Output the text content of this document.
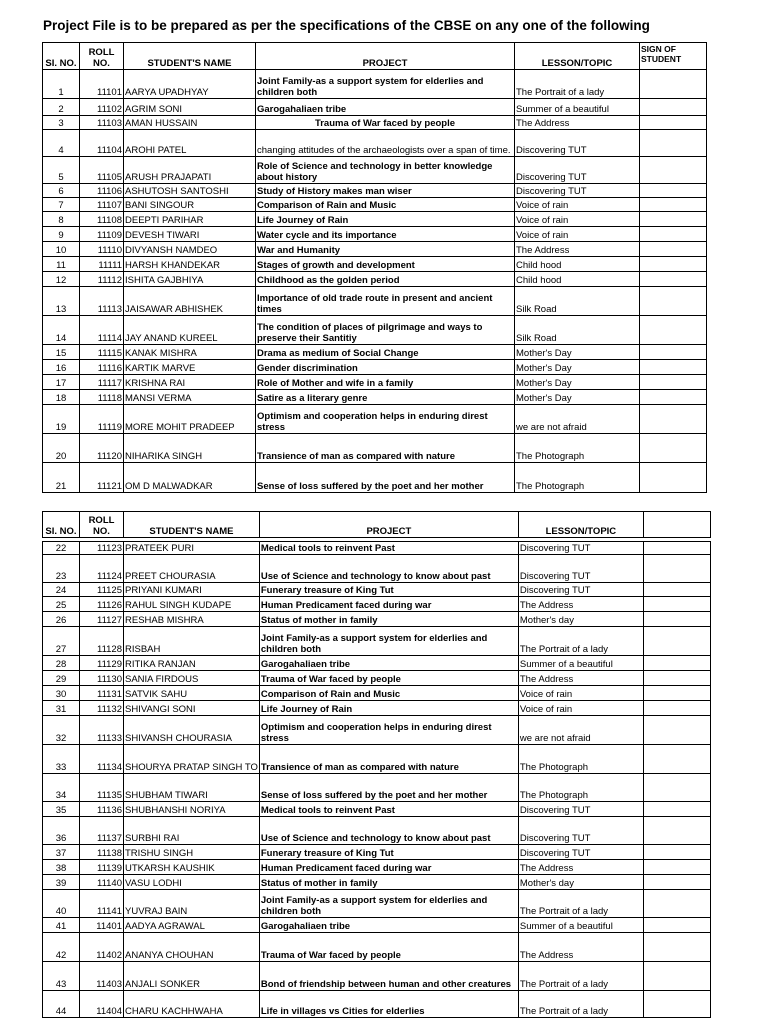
Project File is to be prepared as per the specifications of the CBSE on any one of the following
SI. NO.	ROLL NO.	STUDENT'S NAME	PROJECT	LESSON/TOPIC	SIGN OF STUDENT
1	11101	AARYA UPADHYAY	Joint Family-as a support system for elderlies and children both	The Portrait of a lady	
2	11102	AGRIM SONI	Garogahaliaen tribe	Summer of a beautiful	
3	11103	AMAN HUSSAIN	Trauma of War faced by people	The Address	
4	11104	AROHI PATEL	changing attitudes of the archaeologists over a span of time.	Discovering TUT	
5	11105	ARUSH PRAJAPATI	Role of Science and technology in better knowledge about history	Discovering TUT	
6	11106	ASHUTOSH SANTOSHI	Study of History makes man wiser	Discovering TUT	
7	11107	BANI SINGOUR	Comparison of Rain and Music	Voice of rain	
8	11108	DEEPTI PARIHAR	Life Journey of Rain	Voice of rain	
9	11109	DEVESH TIWARI	Water cycle and its importance	Voice of rain	
10	11110	DIVYANSH NAMDEO	War and Humanity	The Address	
11	11111	HARSH KHANDEKAR	Stages of growth and development	Child hood	
12	11112	ISHITA GAJBHIYA	Childhood as the golden period	Child hood	
13	11113	JAISAWAR ABHISHEK	Importance of old trade route in present and ancient times	Silk Road	
14	11114	JAY ANAND KUREEL	The condition of places of pilgrimage and ways to preserve their Santitiy	Silk Road	
15	11115	KANAK MISHRA	Drama as medium of Social Change	Mother's Day	
16	11116	KARTIK MARVE	Gender discrimination	Mother's Day	
17	11117	KRISHNA RAI	Role of Mother and wife in a family	Mother's Day	
18	11118	MANSI VERMA	Satire as a literary genre	Mother's Day	
19	11119	MORE MOHIT PRADEEP	Optimism and cooperation helps in enduring direst stress	we are not afraid	
20	11120	NIHARIKA SINGH	Transience of man as compared with nature	The Photograph	
21	11121	OM D MALWADKAR	Sense of loss suffered by the poet and her mother	The Photograph	
SI. NO.	ROLL NO.	STUDENT'S NAME	PROJECT	LESSON/TOPIC	

22	11123	PRATEEK PURI	Medical tools to reinvent Past	Discovering TUT	
23	11124	PREET CHOURASIA	Use of Science and technology to know about past	Discovering TUT	
24	11125	PRIYANI KUMARI	Funerary treasure of King Tut	Discovering TUT	
25	11126	RAHUL SINGH KUDAPE	Human Predicament faced during war	The Address	
26	11127	RESHAB MISHRA	Status of mother in family	Mother's day	
27	11128	RISBAH	Joint Family-as a support system for elderlies and children both	The Portrait of a lady	
28	11129	RITIKA RANJAN	Garogahaliaen tribe	Summer of a beautiful	
29	11130	SANIA FIRDOUS	Trauma of War faced by people	The Address	
30	11131	SATVIK SAHU	Comparison of Rain and Music	Voice of rain	
31	11132	SHIVANGI SONI	Life Journey of Rain	Voice of rain	
32	11133	SHIVANSH CHOURASIA	Optimism and cooperation helps in enduring direst stress	we are not afraid	
33	11134	SHOURYA PRATAP SINGH TO	Transience of man as compared with nature	The Photograph	
34	11135	SHUBHAM TIWARI	Sense of loss suffered by the poet and her mother	The Photograph	
35	11136	SHUBHANSHI NORIYA	Medical tools to reinvent Past	Discovering TUT	
36	11137	SURBHI RAI	Use of Science and technology to know about past	Discovering TUT	
37	11138	TRISHU SINGH	Funerary treasure of King Tut	Discovering TUT	
38	11139	UTKARSH KAUSHIK	Human Predicament faced during war	The Address	
39	11140	VASU LODHI	Status of mother in family	Mother's day	
40	11141	YUVRAJ BAIN	Joint Family-as a support system for elderlies and children both	The Portrait of a lady	
41	11401	AADYA AGRAWAL	Garogahaliaen tribe	Summer of a beautiful	
42	11402	ANANYA CHOUHAN	Trauma of War faced by people	The Address	
43	11403	ANJALI SONKER	Bond of friendship between human and other creatures	The Portrait of a lady	
44	11404	CHARU KACHHWAHA	Life in villages vs Cities for elderlies	The Portrait of a lady	
